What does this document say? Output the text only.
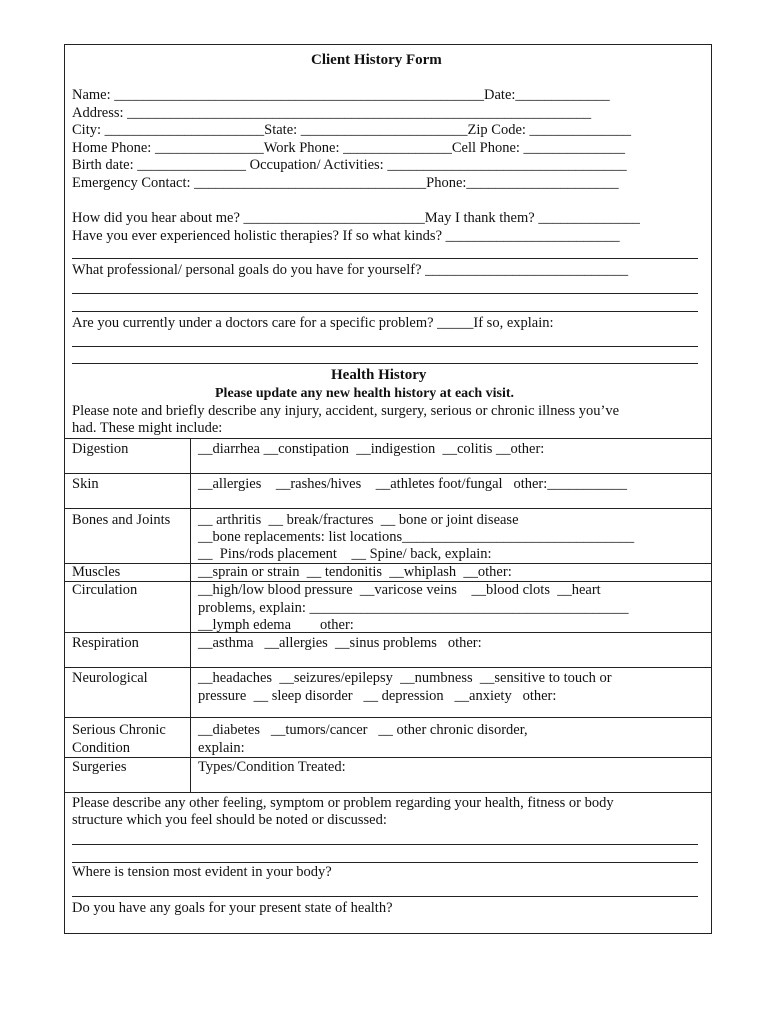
Client History Form
Name: ___________________________________________________Date:_____________
Address: ________________________________________________________________
City: ______________________State: _______________________Zip Code: ______________
Home Phone: _______________Work Phone: _______________Cell Phone: ______________
Birth date: _______________ Occupation/ Activities: _________________________________
Emergency Contact: ________________________________Phone:_____________________
How did you hear about me? _________________________May I thank them? ______________
Have you ever experienced holistic therapies? If so what kinds? ________________________
What professional/ personal goals do you have for yourself? ____________________________
Are you currently under a doctors care for a specific problem? _____If so, explain:
Health History
Please update any new health history at each visit.
Please note and briefly describe any injury, accident, surgery, serious or chronic illness you’ve
had. These might include:
Digestion	__diarrhea __constipation  __indigestion  __colitis __other:
Skin	__allergies    __rashes/hives    __athletes foot/fungal   other:___________
Bones and Joints __ arthritis  __ break/fractures  __ bone or joint disease
__bone replacements: list locations________________________________
__  Pins/rods placement    __ Spine/ back, explain:
Muscles	__sprain or strain  __ tendonitis  __whiplash  __other:
Circulation	__high/low blood pressure  __varicose veins    __blood clots  __heart
problems, explain: ____________________________________________
__lymph edema        other:
Respiration	__asthma   __allergies  __sinus problems   other:
Neurological	__headaches  __seizures/epilepsy  __numbness  __sensitive to touch or
pressure  __ sleep disorder   __ depression   __anxiety   other:
Serious Chronic
Condition
__diabetes   __tumors/cancer   __ other chronic disorder,
explain:
Surgeries	Types/Condition Treated:
Please describe any other feeling, symptom or problem regarding your health, fitness or body
structure which you feel should be noted or discussed:
Where is tension most evident in your body?
Do you have any goals for your present state of health?
